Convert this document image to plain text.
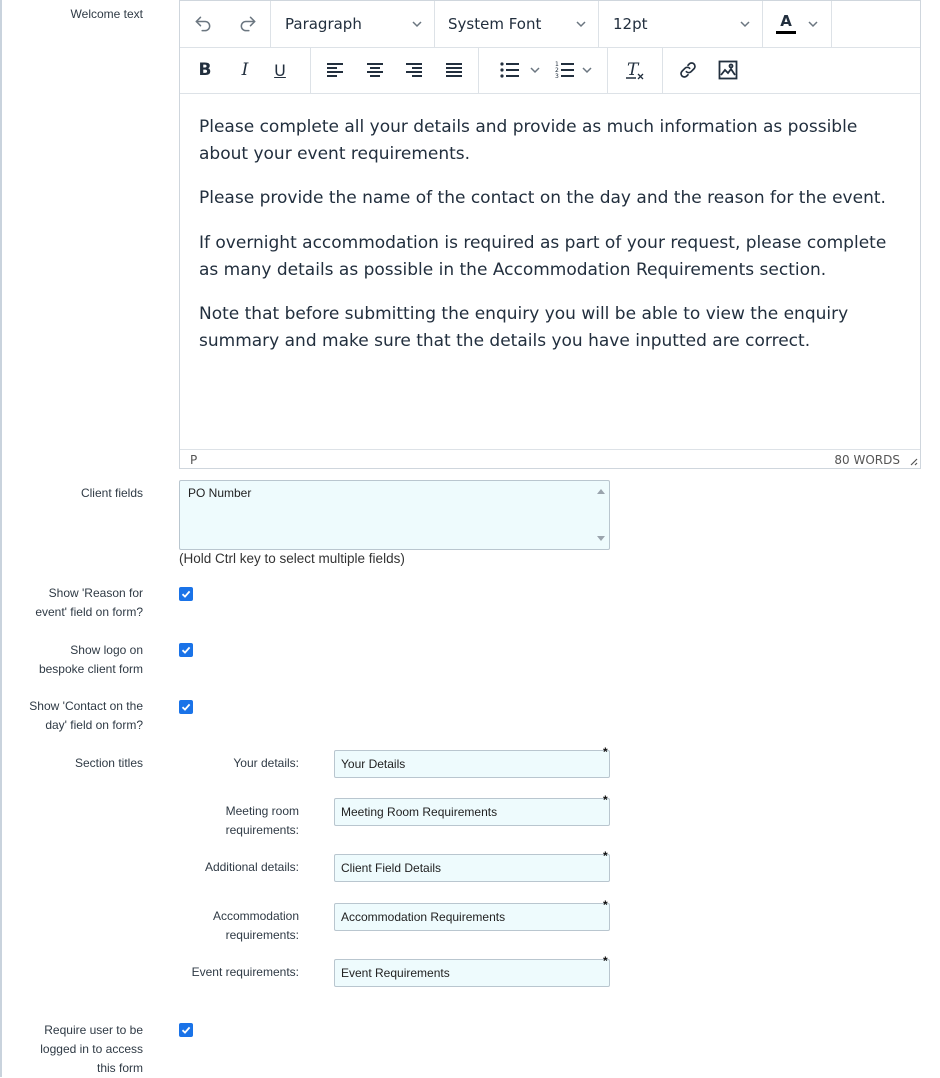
Welcome text
Paragraph	System Font	12pt	A
B	I	U	1
2
3	T

Please complete all your details and provide as much information as possible about your event requirements.

Please provide the name of the contact on the day and the reason for the event.

If overnight accommodation is required as part of your request, please complete as many details as possible in the Accommodation Requirements section.

Note that before submitting the enquiry you will be able to view the enquiry summary and make sure that the details you have inputted are correct.

P	80 WORDS
Client fields	PO Number
(Hold Ctrl key to select multiple fields)
Show 'Reason for
event' field on form?
Show logo on
bespoke client form
Show 'Contact on the
day' field on form?
Section titles	Your details:
Your Details
*
Meeting room
requirements:
Meeting Room Requirements
*
Additional details:
Client Field Details
*
Accommodation
requirements:
Accommodation Requirements
*
Event requirements:
Event Requirements
*
Require user to be
logged in to access
this form
